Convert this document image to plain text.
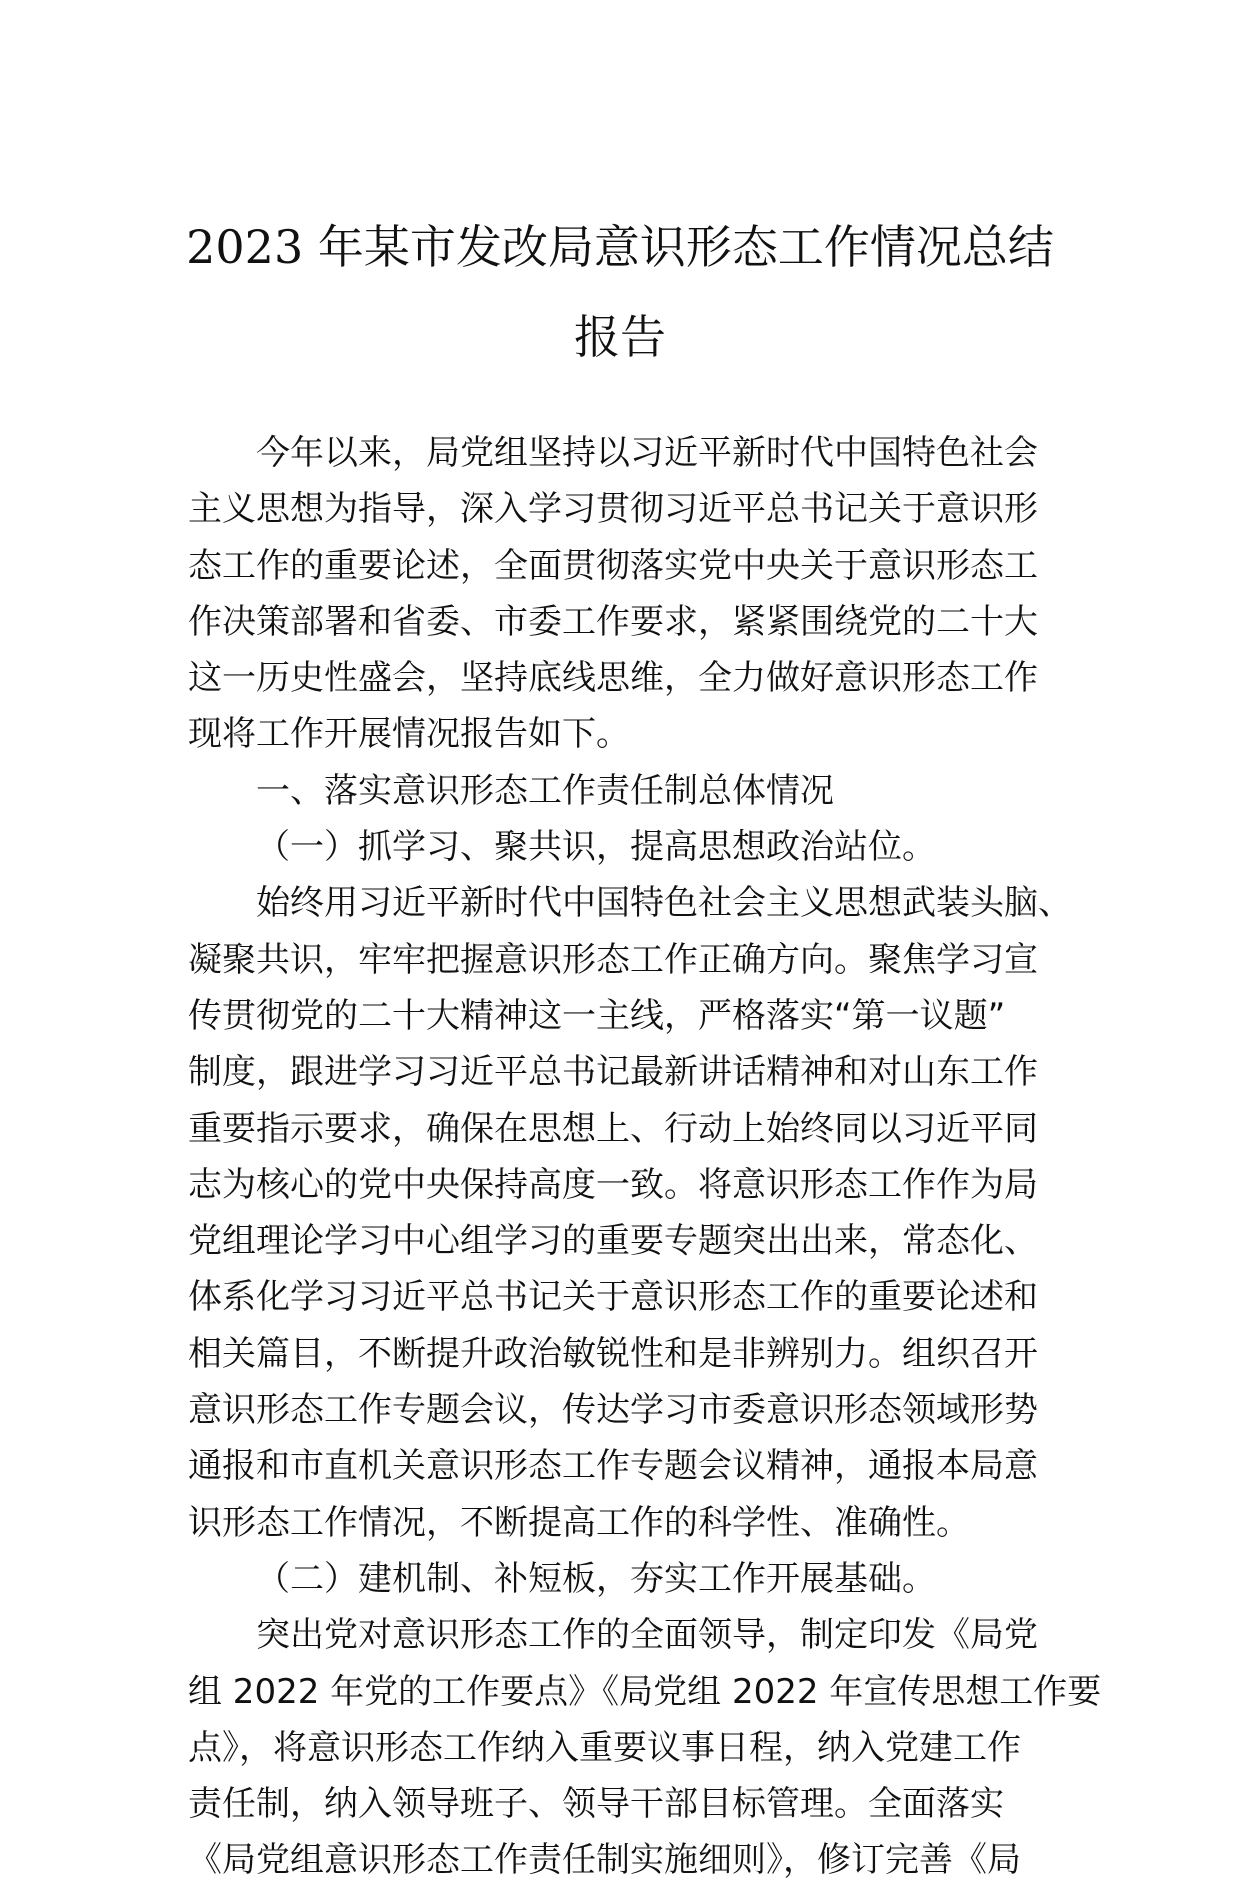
2023 年某市发改局意识形态工作情况总结
报告
今年以来，局党组坚持以习近平新时代中国特色社会
主义思想为指导，深入学习贯彻习近平总书记关于意识形
态工作的重要论述，全面贯彻落实党中央关于意识形态工
作决策部署和省委、市委工作要求，紧紧围绕党的二十大
这一历史性盛会，坚持底线思维，全力做好意识形态工作
现将工作开展情况报告如下。
一、落实意识形态工作责任制总体情况
（一）抓学习、聚共识，提高思想政治站位。
始终用习近平新时代中国特色社会主义思想武装头脑、
凝聚共识，牢牢把握意识形态工作正确方向。聚焦学习宣
传贯彻党的二十大精神这一主线，严格落实“第一议题”
制度，跟进学习习近平总书记最新讲话精神和对山东工作
重要指示要求，确保在思想上、行动上始终同以习近平同
志为核心的党中央保持高度一致。将意识形态工作作为局
党组理论学习中心组学习的重要专题突出出来，常态化、
体系化学习习近平总书记关于意识形态工作的重要论述和
相关篇目，不断提升政治敏锐性和是非辨别力。组织召开
意识形态工作专题会议，传达学习市委意识形态领域形势
通报和市直机关意识形态工作专题会议精神，通报本局意
识形态工作情况，不断提高工作的科学性、准确性。
（二）建机制、补短板，夯实工作开展基础。
突出党对意识形态工作的全面领导，制定印发《局党
组 2022 年党的工作要点》《局党组 2022 年宣传思想工作要
点》，将意识形态工作纳入重要议事日程，纳入党建工作
责任制，纳入领导班子、领导干部目标管理。全面落实
《局党组意识形态工作责任制实施细则》，修订完善《局
